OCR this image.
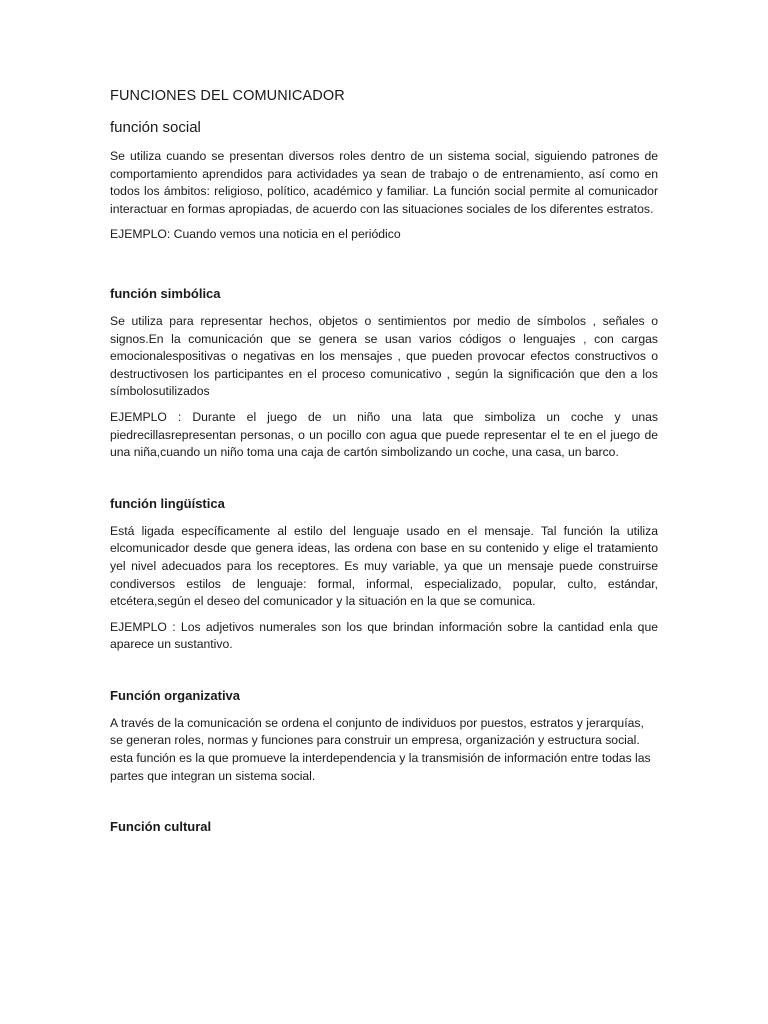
FUNCIONES DEL COMUNICADOR
función social

Se utiliza cuando se presentan diversos roles dentro de un sistema social, siguiendo patrones de comportamiento aprendidos para actividades ya sean de trabajo o de entrenamiento, así como en todos los ámbitos: religioso, político, académico y familiar. La función social permite al comunicador interactuar en formas apropiadas, de acuerdo con las situaciones sociales de los diferentes estratos.

EJEMPLO: Cuando vemos una noticia en el periódico

función simbólica

Se utiliza para representar hechos, objetos o sentimientos por medio de símbolos , señales o signos.En la comunicación que se genera se usan varios códigos o lenguajes , con cargas emocionalespositivas o negativas en los mensajes , que pueden provocar efectos constructivos o destructivosen los participantes en el proceso comunicativo , según la significación que den a los símbolosutilizados

EJEMPLO : Durante el juego de un niño una lata que simboliza un coche y unas piedrecillasrepresentan personas, o un pocillo con agua que puede representar el te en el juego de una niña,cuando un niño toma una caja de cartón simbolizando un coche, una casa, un barco.

función lingüística

Está ligada específicamente al estilo del lenguaje usado en el mensaje. Tal función la utiliza elcomunicador desde que genera ideas, las ordena con base en su contenido y elige el tratamiento yel nivel adecuados para los receptores. Es muy variable, ya que un mensaje puede construirse condiversos estilos de lenguaje: formal, informal, especializado, popular, culto, estándar, etcétera,según el deseo del comunicador y la situación en la que se comunica.

EJEMPLO : Los adjetivos numerales son los que brindan información sobre la cantidad enla que aparece un sustantivo.

Función organizativa

A través de la comunicación se ordena el conjunto de individuos por puestos, estratos y jerarquías, se generan roles, normas y funciones para construir un empresa, organización y estructura social. esta función es la que promueve la interdependencia y la transmisión de información entre todas las partes que integran un sistema social.

Función cultural
